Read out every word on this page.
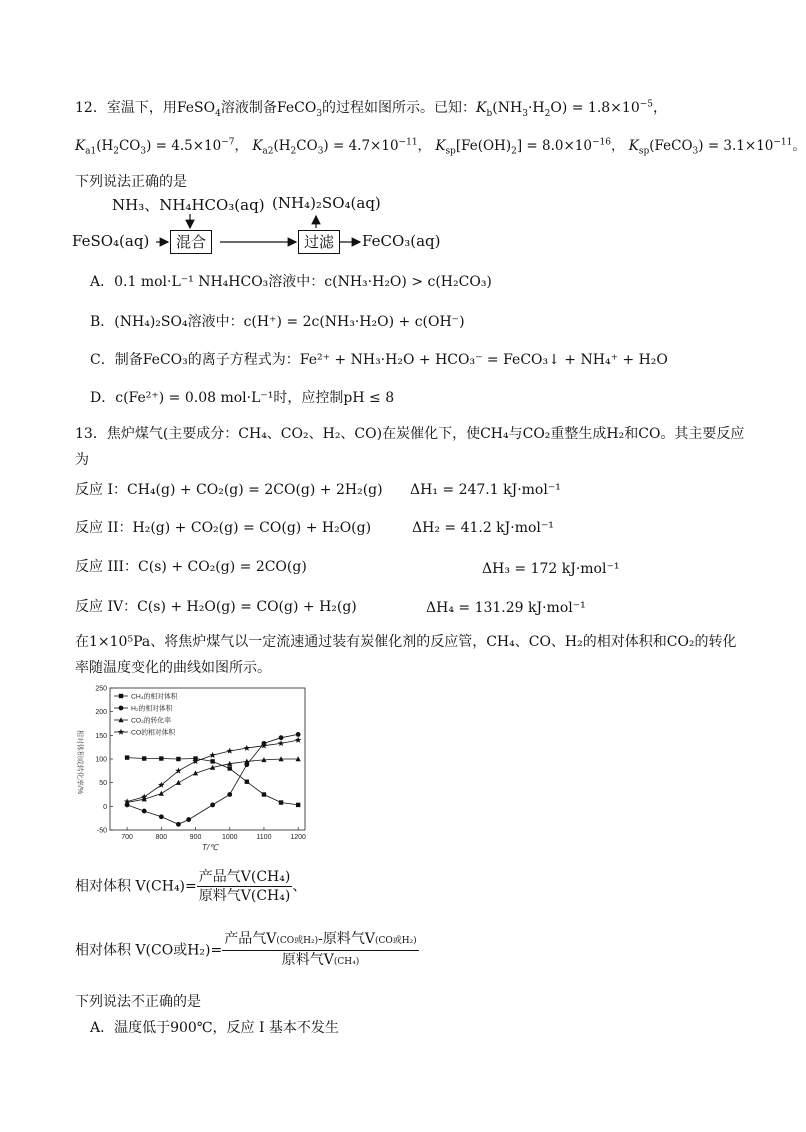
12．室温下，用FeSO$_4$溶液制备FeCO$_3$的过程如图所示。已知：$K_b(NH_3\cdot H_2O) = 1.8\times 10^{-5}$，
$K_{a1}(H_2CO_3) = 4.5\times 10^{-7}$， $K_{a2}(H_2CO_3) = 4.7\times 10^{-11}$， $K_{sp}[Fe(OH)_2] = 8.0\times 10^{-16}$， $K_{sp}(FeCO_3) = 3.1\times 10^{-11}$。
下列说法正确的是
NH₃、NH₄HCO₃(aq) (NH₄)₂SO₄(aq)
FeSO₄(aq)	混合	过滤	FeCO₃(aq)
A．0.1 mol·L⁻¹ NH₄HCO₃溶液中：c(NH₃·H₂O) > c(H₂CO₃)
B．(NH₄)₂SO₄溶液中：c(H⁺) = 2c(NH₃·H₂O) + c(OH⁻)
C．制备FeCO₃的离子方程式为：Fe²⁺ + NH₃·H₂O + HCO₃⁻ = FeCO₃↓ + NH₄⁺ + H₂O
D．c(Fe²⁺) = 0.08 mol·L⁻¹时，应控制pH ≤ 8
13．焦炉煤气(主要成分：CH₄、CO₂、H₂、CO)在炭催化下，使CH₄与CO₂重整生成H₂和CO。其主要反应
为
反应 I：CH₄(g) + CO₂(g) = 2CO(g) + 2H₂(g) ΔH₁ = 247.1 kJ·mol⁻¹
反应 II：H₂(g) + CO₂(g) = CO(g) + H₂O(g)	ΔH₂ = 41.2 kJ·mol⁻¹
反应 III：C(s) + CO₂(g) = 2CO(g)	ΔH₃ = 172 kJ·mol⁻¹
反应 IV：C(s) + H₂O(g) = CO(g) + H₂(g)	ΔH₄ = 131.29 kJ·mol⁻¹
在1×10⁵Pa、将焦炉煤气以一定流速通过装有炭催化剂的反应管，CH₄、CO、H₂的相对体积和CO₂的转化
率随温度变化的曲线如图所示。
-50
0
50
100
150
200
250
700	800	900	1000	1100	1200
CH₄的相对体积
H₂的相对体积
CO₂的转化率
CO的相对体积
相对体积或转化率/%
T/℃
相对体积 $V(CH_4)= \frac{\text{产品气V(CH₄)}}{\text{原料气V(CH₄)}}$ 、
相对体积 V(CO或$H_2)= \frac{\text{产品气V(CO或H₂)-原料气V(CO或H₂)}}{\text{原料气V(CH₄)}}$
下列说法不正确的是
A．温度低于900℃，反应 I 基本不发生
